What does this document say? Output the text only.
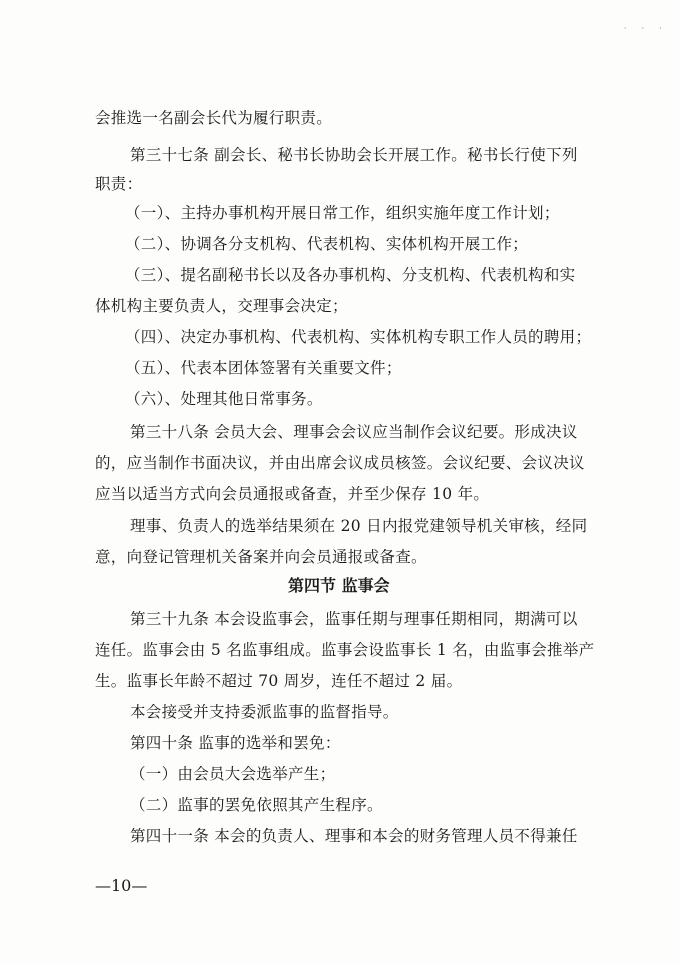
· · ·
会推选一名副会长代为履行职责。
第三十七条 副会长、秘书长协助会长开展工作。秘书长行使下列
职责：
（一）、主持办事机构开展日常工作，组织实施年度工作计划；
（二）、协调各分支机构、代表机构、实体机构开展工作；
（三）、提名副秘书长以及各办事机构、分支机构、代表机构和实
体机构主要负责人，交理事会决定；
（四）、决定办事机构、代表机构、实体机构专职工作人员的聘用；
（五）、代表本团体签署有关重要文件；
（六）、处理其他日常事务。
第三十八条 会员大会、理事会会议应当制作会议纪要。形成决议
的，应当制作书面决议，并由出席会议成员核签。会议纪要、会议决议
应当以适当方式向会员通报或备查，并至少保存 10 年。
理事、负责人的选举结果须在 20 日内报党建领导机关审核，经同
意，向登记管理机关备案并向会员通报或备查。
第四节 监事会
第三十九条 本会设监事会，监事任期与理事任期相同，期满可以
连任。监事会由 5 名监事组成。监事会设监事长 1 名，由监事会推举产
生。监事长年龄不超过 70 周岁，连任不超过 2 届。
本会接受并支持委派监事的监督指导。
第四十条 监事的选举和罢免：
（一）由会员大会选举产生；
（二）监事的罢免依照其产生程序。
第四十一条 本会的负责人、理事和本会的财务管理人员不得兼任
—10—
